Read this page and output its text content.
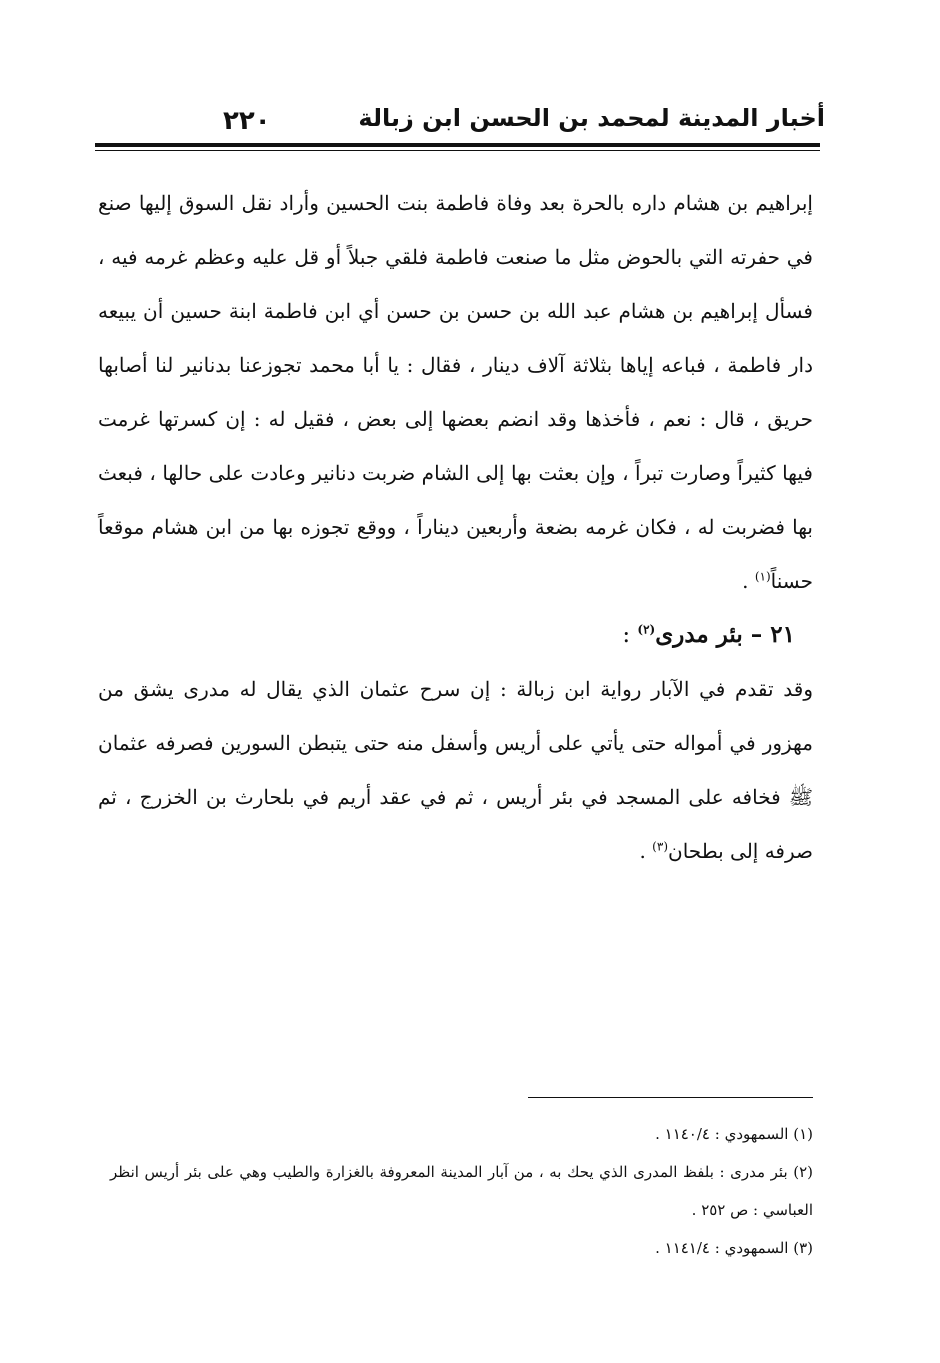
أخبار المدينة لمحمد بن الحسن ابن زبالة
٢٢٠

إبراهيم بن هشام داره بالحرة بعد وفاة فاطمة بنت الحسين وأراد نقل السوق إليها صنع في حفرته التي بالحوض مثل ما صنعت فاطمة فلقي جبلاً أو قل عليه وعظم غرمه فيه ، فسأل إبراهيم بن هشام عبد الله بن حسن بن حسن أي ابن فاطمة ابنة حسين أن يبيعه دار فاطمة ، فباعه إياها بثلاثة آلاف دينار ، فقال : يا أبا محمد تجوزعنا بدنانير لنا أصابها حريق ، قال : نعم ، فأخذها وقد انضم بعضها إلى بعض ، فقيل له : إن كسرتها غرمت فيها كثيراً وصارت تبراً ، وإن بعثت بها إلى الشام ضربت دنانير وعادت على حالها ، فبعث بها فضربت له ، فكان غرمه بضعة وأربعين ديناراً ، ووقع تجوزه بها من ابن هشام موقعاً حسناً$^{(١)}$ .

٢١ – بئر مدرى$^{(٢)}$ :

وقد تقدم في الآبار رواية ابن زبالة : إن سرح عثمان الذي يقال له مدرى يشق من مهزور في أمواله حتى يأتي على أريس وأسفل منه حتى يتبطن السورين فصرفه عثمان ﷺ فخافه على المسجد في بئر أريس ، ثم في عقد أريم في بلحارث بن الخزرج ، ثم صرفه إلى بطحان$^{(٣)}$ .

(١) السمهودي : ١١٤٠/٤ .

(٢) بئر مدرى : بلفظ المدرى الذي يحك به ، من آبار المدينة المعروفة بالغزارة والطيب وهي على بئر أريس انظر العباسي : ص ٢٥٢ .

(٣) السمهودي : ١١٤١/٤ .
